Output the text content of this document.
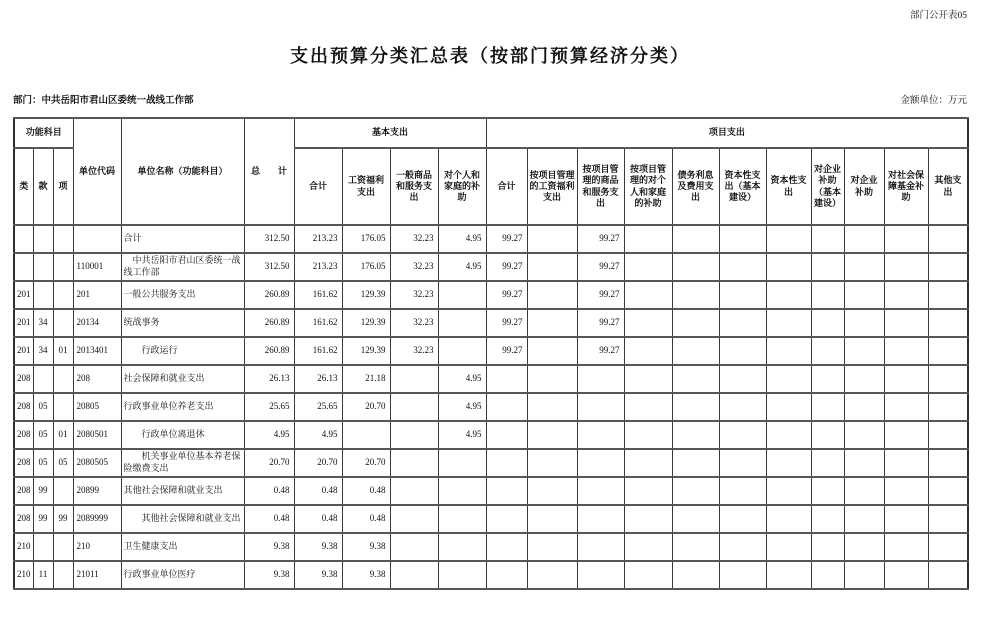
部门公开表05
支出预算分类汇总表（按部门预算经济分类）
部门：中共岳阳市君山区委统一战线工作部	金额单位：万元
功能科目			单位代码	单位名称（功能科目）	总　　计	基本支出				项目支出										
类	款	项				合计	工资福利支出	一般商品和服务支出	对个人和家庭的补助	合计	按项目管理的工资福利支出	按项目管理的商品和服务支出	按项目管理的对个人和家庭的补助	债务利息及费用支出	资本性支出（基本建设）	资本性支出	对企业补助（基本建设）	对企业补助	对社会保障基金补助	其他支出
				合计	312.50	213.23	176.05	32.23	4.95	99.27		99.27								
			110001	中共岳阳市君山区委统一战线工作部	312.50	213.23	176.05	32.23	4.95	99.27		99.27								
201			201	一般公共服务支出	260.89	161.62	129.39	32.23		99.27		99.27								
201	34		20134	统战事务	260.89	161.62	129.39	32.23		99.27		99.27								
201	34	01	2013401	行政运行	260.89	161.62	129.39	32.23		99.27		99.27								
208			208	社会保障和就业支出	26.13	26.13	21.18		4.95											
208	05		20805	行政事业单位养老支出	25.65	25.65	20.70		4.95											
208	05	01	2080501	行政单位离退休	4.95	4.95			4.95											
208	05	05	2080505	机关事业单位基本养老保险缴费支出	20.70	20.70	20.70													
208	99		20899	其他社会保障和就业支出	0.48	0.48	0.48													
208	99	99	2089999	其他社会保障和就业支出	0.48	0.48	0.48													
210			210	卫生健康支出	9.38	9.38	9.38													
210	11		21011	行政事业单位医疗	9.38	9.38	9.38													
